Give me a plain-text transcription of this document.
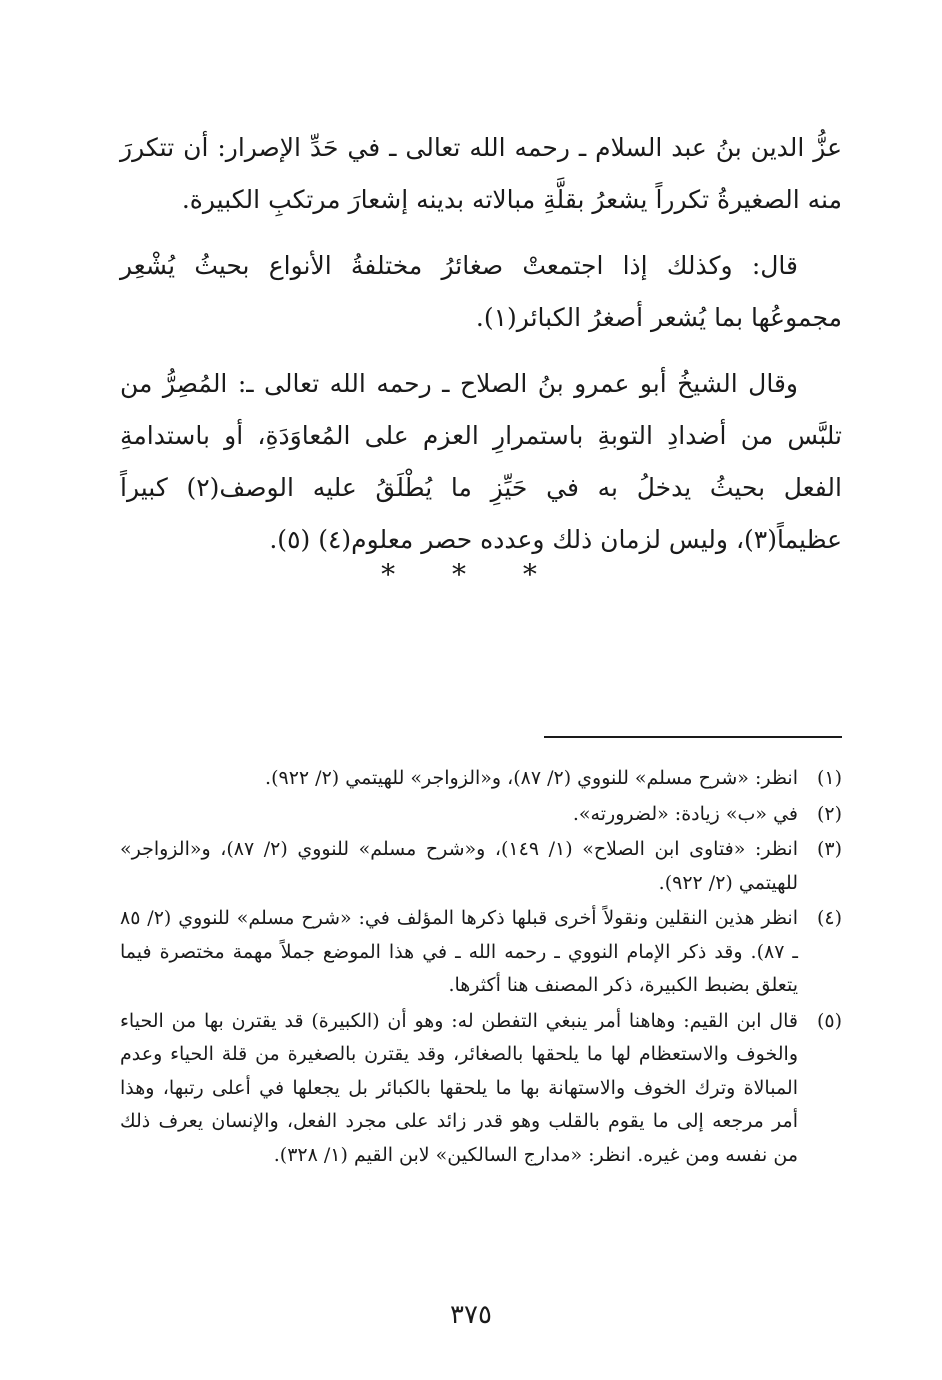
عزُّ الدين بنُ عبد السلام ـ رحمه الله تعالى ـ في حَدِّ الإصرار: أن تتكررَ منه الصغيرةُ تكرراً يشعرُ بقلَّةِ مبالاته بدينه إشعارَ مرتكبِ الكبيرة.

قال: وكذلك إذا اجتمعتْ صغائرُ مختلفةُ الأنواع بحيثُ يُشْعِر مجموعُها بما يُشعر أصغرُ الكبائر(١).

وقال الشيخُ أبو عمرو بنُ الصلاح ـ رحمه الله تعالى ـ: المُصِرُّ من تلبَّس من أضدادِ التوبةِ باستمرارِ العزم على المُعاوَدَةِ، أو باستدامةِ الفعل بحيثُ يدخلُ به في حَيِّزِ ما يُطْلَقُ عليه الوصف(٢) كبيراً عظيماً(٣)، وليس لزمان ذلك وعدده حصر معلوم(٤) (٥).

* * *
(١)
انظر: «شرح مسلم» للنووي (٢/ ٨٧)، و«الزواجر» للهيتمي (٢/ ٩٢٢).
(٢)
في «ب» زيادة: «لضرورته».
(٣)
انظر: «فتاوى ابن الصلاح» (١/ ١٤٩)، و«شرح مسلم» للنووي (٢/ ٨٧)، و«الزواجر» للهيتمي (٢/ ٩٢٢).
(٤)
انظر هذين النقلين ونقولاً أخرى قبلها ذكرها المؤلف في: «شرح مسلم» للنووي (٢/ ٨٥ ـ ٨٧). وقد ذكر الإمام النووي ـ رحمه الله ـ في هذا الموضع جملاً مهمة مختصرة فيما يتعلق بضبط الكبيرة، ذكر المصنف هنا أكثرها.
(٥)
قال ابن القيم: وهاهنا أمر ينبغي التفطن له: وهو أن (الكبيرة) قد يقترن بها من الحياء والخوف والاستعظام لها ما يلحقها بالصغائر، وقد يقترن بالصغيرة من قلة الحياء وعدم المبالاة وترك الخوف والاستهانة بها ما يلحقها بالكبائر بل يجعلها في أعلى رتبها، وهذا أمر مرجعه إلى ما يقوم بالقلب وهو قدر زائد على مجرد الفعل، والإنسان يعرف ذلك من نفسه ومن غيره. انظر: «مدارج السالكين» لابن القيم (١/ ٣٢٨).
٣٧٥
